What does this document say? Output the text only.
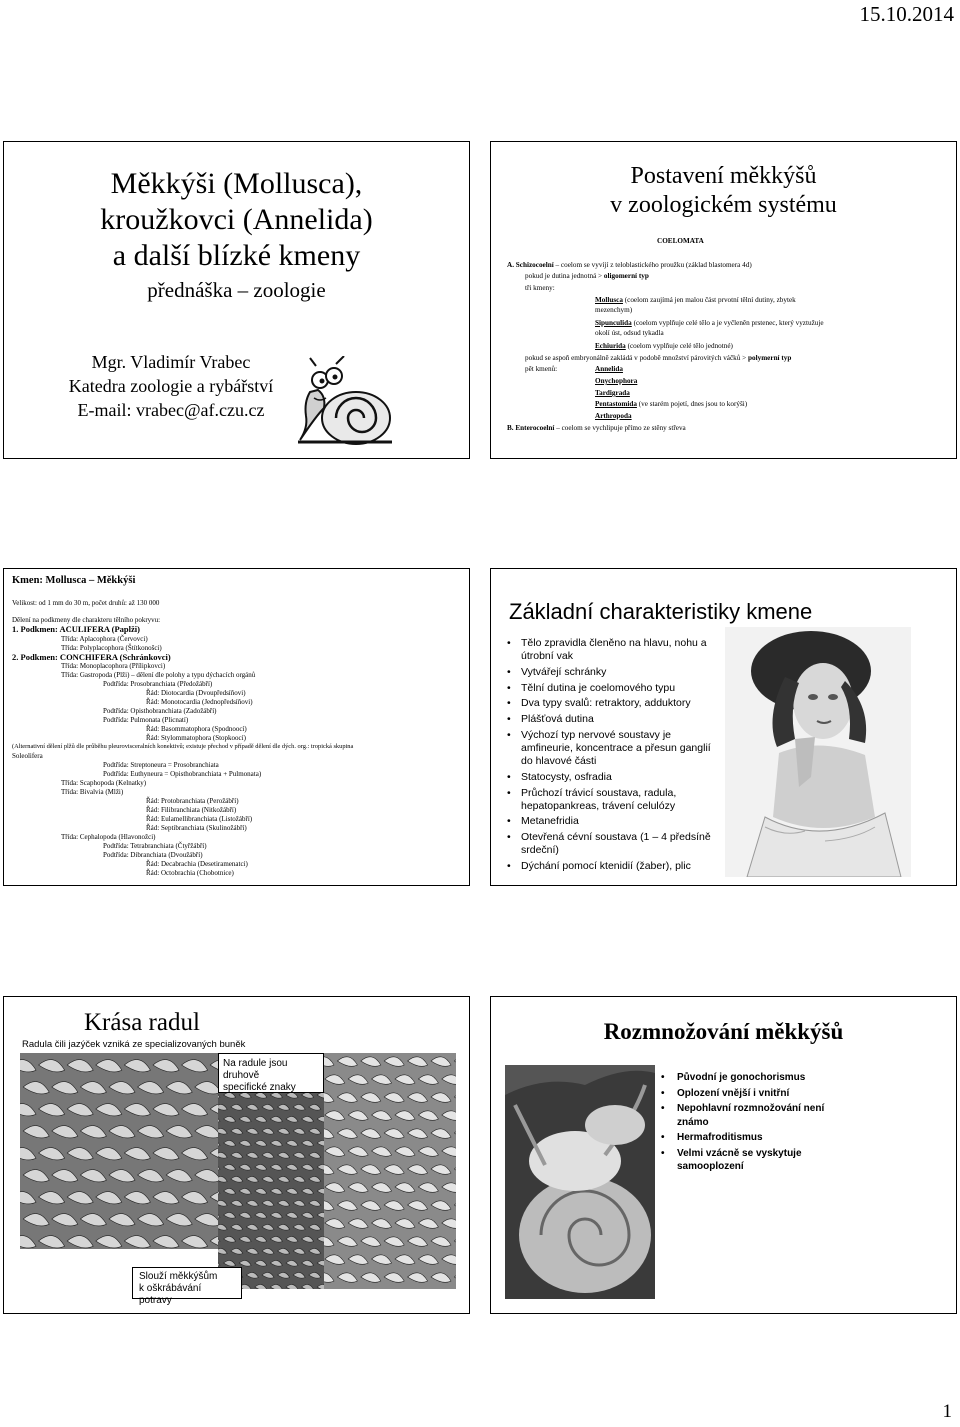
15.10.2014
Měkkýši (Mollusca),
kroužkovci (Annelida)
a další blízké kmeny
přednáška – zoologie
Mgr. Vladimír Vrabec
Katedra zoologie a rybářství
E-mail: vrabec@af.czu.cz
Postavení měkkýšů
v zoologickém systému
COELOMATA
A. Schizocoelní – coelom se vyvíjí z teloblastického proužku (základ blastomera 4d)
pokud je dutina jednotná > oligomerní typ
tři kmeny:
Mollusca (coelom zaujímá jen malou část prvotní tělní dutiny, zbytek
mezenchym)
Sipunculida (coelom vyplňuje celé tělo a je vyčleněn prstenec, který vyztužuje
okolí úst, odsud tykadla
Echiurida (coelom vyplňuje celé tělo jednotné)
pokud se aspoň embryonálně zakládá v podobě množství párovitých váčků > polymerní typ
pět kmenů:	Annelida
Onychophora
Tardigrada
Pentastomida (ve starém pojetí, dnes jsou to korýši)
Arthropoda
B. Enterocoelní – coelom se vychlipuje přímo ze stěny střeva
Kmen: Mollusca – Měkkýši
Velikost: od 1 mm do 30 m, počet druhů: až 130 000
Dělení na podkmeny dle charakteru tělního pokryvu:
1. Podkmen: ACULIFERA (Paplži)
Třída: Aplacophora (Červovci)
Třída: Polyplacophora (Štítkonošci)
2. Podkmen: CONCHIFERA (Schránkovci)
Třída: Monoplacophora (Přílipkovci)
Třída: Gastropoda (Plži) – dělení dle polohy a typu dýchacích orgánů
Podtřída: Prosobranchiata (Předožábří)
Řád: Diotocardia (Dvoupředsíňovi)
Řád: Monotocardia (Jednopředsíňovi)
Podtřída: Opisthobranchiata (Zadožábří)
Podtřída: Pulmonata (Plicnatí)
Řád: Basommatophora (Spodnoocí)
Řád: Stylommatophora (Stopkoocí)
(Alternativní dělení plžů dle průběhu pleurovisceralních konektivů; existuje přechod v případě dělení dle dých. org.: tropická skupina
Soleolifera
Podtřída: Streptoneura = Prosobranchiata
Podtřída: Euthyneura = Opisthobranchiata + Pulmonata)
Třída: Scaphopoda (Kelnatky)
Třída: Bivalvia (Mlži)
Řád: Protobranchiata (Perožábří)
Řád: Filibranchiata (Nitkožábří)
Řád: Eulamellibranchiata (Listožábří)
Řád: Septibranchiata (Skulinožábří)
Třída: Cephalopoda (Hlavonožci)
Podtřída: Tetrabranchiata (Čtyřžábří)
Podtřída: Dibranchiata (Dvoužábří)
Řád: Decabrachia (Desetiramenatci)
Řád: Octobrachia (Chobotnice)
Základní charakteristiky kmene
• Tělo zpravidla členěno na hlavu, nohu a útrobní vak
• Vytvářejí schránky
• Tělní dutina je coelomového typu
• Dva typy svalů: retraktory, adduktory
• Plášťová dutina
• Výchozí typ nervové soustavy je amfineurie, koncentrace a přesun ganglií do hlavové části
• Statocysty, osfradia
• Průchozí trávicí soustava, radula, hepatopankreas, trávení celulózy
• Metanefridia
• Otevřená cévní soustava (1 – 4 předsíně srdeční)
• Dýchání pomocí ktenidií (žaber), plic
Krása radul
Radula čili jazýček vzniká ze specializovaných buněk
Na radule jsou
druhově
specifické znaky
Slouží měkkýšům
k oškrábávání potravy
Rozmnožování měkkýšů
• Původní je gonochorismus
• Oplození vnější i vnitřní
• Nepohlavní rozmnožování není známo
• Hermafroditismus
• Velmi vzácně se vyskytuje samooplození
1
